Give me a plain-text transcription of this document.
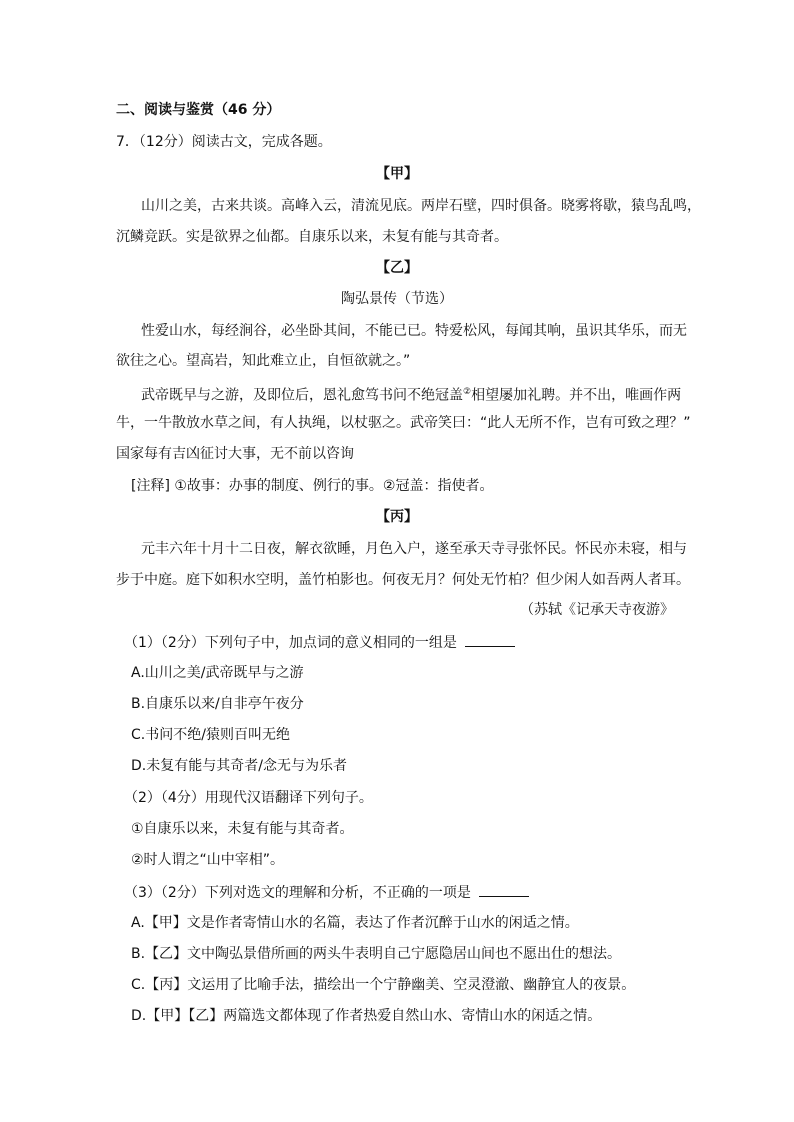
二、阅读与鉴赏（46 分）
7．（12分）阅读古文，完成各题。
【甲】
山川之美，古来共谈。高峰入云，清流见底。两岸石壁，四时俱备。晓雾将歇，猿鸟乱鸣，
沉鳞竞跃。实是欲界之仙都。自康乐以来，未复有能与其奇者。
【乙】
陶弘景传（节选）
性爱山水，每经涧谷，必坐卧其间，不能已已。特爱松风，每闻其响，虽识其华乐，而无
欲往之心。望高岩，知此难立止，自恒欲就之。”
武帝既早与之游，及即位后，恩礼愈笃书问不绝冠盖②相望屡加礼聘。并不出，唯画作两
牛，一牛散放水草之间，有人执绳，以杖驱之。武帝笑曰：“此人无所不作，岂有可致之理？”
国家每有吉凶征讨大事，无不前以咨询
[注释] ①故事：办事的制度、例行的事。②冠盖：指使者。
【丙】
元丰六年十月十二日夜，解衣欲睡，月色入户，遂至承天寺寻张怀民。怀民亦未寝，相与
步于中庭。庭下如积水空明，盖竹柏影也。何夜无月？何处无竹柏？但少闲人如吾两人者耳。
（苏轼《记承天寺夜游》
（1）（2分）下列句子中，加点词的意义相同的一组是
A.山川之美/武帝既早与之游
B.自康乐以来/自非亭午夜分
C.书问不绝/猿则百叫无绝
D.未复有能与其奇者/念无与为乐者
（2）（4分）用现代汉语翻译下列句子。
①自康乐以来，未复有能与其奇者。
②时人谓之“山中宰相”。
（3）（2分）下列对选文的理解和分析，不正确的一项是
A.【甲】文是作者寄情山水的名篇，表达了作者沉醉于山水的闲适之情。
B.【乙】文中陶弘景借所画的两头牛表明自己宁愿隐居山间也不愿出仕的想法。
C.【丙】文运用了比喻手法，描绘出一个宁静幽美、空灵澄澈、幽静宜人的夜景。
D.【甲】【乙】两篇选文都体现了作者热爱自然山水、寄情山水的闲适之情。
